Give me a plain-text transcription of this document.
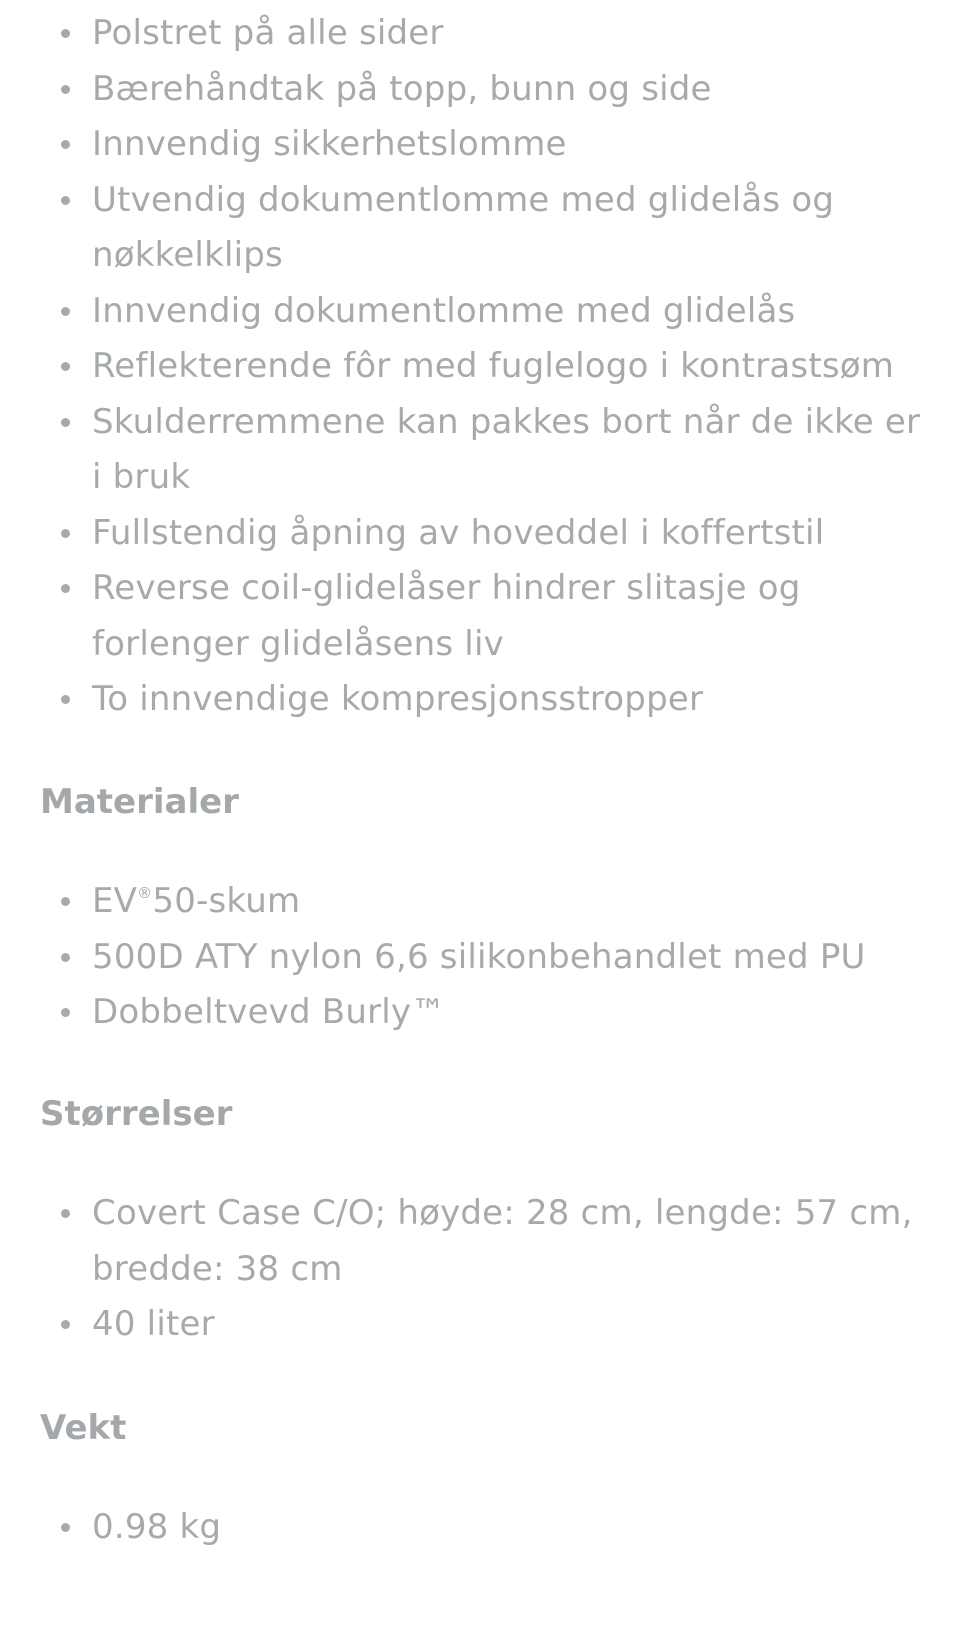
Polstret på alle sider
Bærehåndtak på topp, bunn og side
Innvendig sikkerhetslomme
Utvendig dokumentlomme med glidelås og nøkkelklips
Innvendig dokumentlomme med glidelås
Reflekterende fôr med fuglelogo i kontrastsøm
Skulderremmene kan pakkes bort når de ikke er i bruk
Fullstendig åpning av hoveddel i koffertstil
Reverse coil-glidelåser hindrer slitasje og forlenger glidelåsens liv
To innvendige kompresjonsstropper
Materialer
EV®50-skum
500D ATY nylon 6,6 silikonbehandlet med PU
Dobbeltvevd Burly™
Størrelser
Covert Case C/O; høyde: 28 cm, lengde: 57 cm, bredde: 38 cm
40 liter
Vekt
0.98 kg
